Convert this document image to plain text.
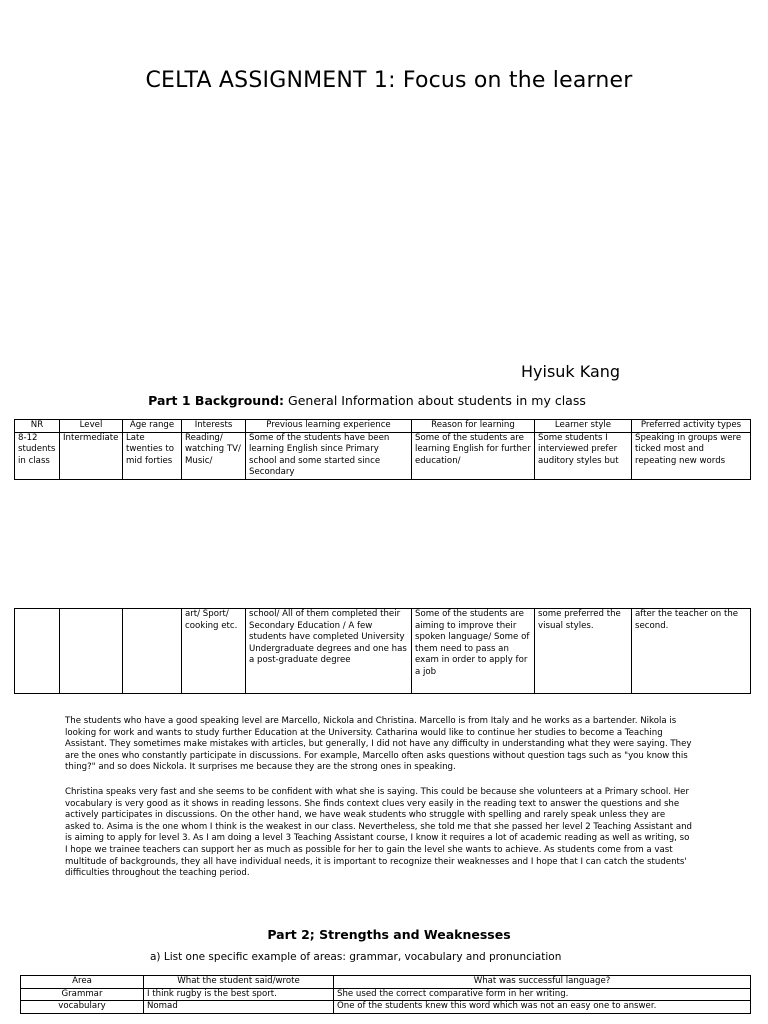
CELTA ASSIGNMENT 1: Focus on the learner
Hyisuk Kang
Part 1 Background: General Information about students in my class
NR	Level	Age range	Interests	Previous learning experience	Reason for learning	Learner style	Preferred activity types
8-12 students in class	Intermediate	Late twenties to mid forties	Reading/ watching TV/ Music/	Some of the students have been learning English since Primary school and some started since Secondary	Some of the students are learning English for further education/	Some students I interviewed prefer auditory styles but	Speaking in groups were ticked most and repeating new words
			art/ Sport/ cooking etc.	school/ All of them completed their Secondary Education / A few students have completed University Undergraduate degrees and one has a post-graduate degree	Some of the students are aiming to improve their spoken language/ Some of them need to pass an exam in order to apply for a job	some preferred the visual styles.	after the teacher on the second.

The students who have a good speaking level are Marcello, Nickola and Christina. Marcello is from Italy and he works as a bartender. Nikola is looking for work and wants to study further Education at the University. Catharina would like to continue her studies to become a Teaching Assistant. They sometimes make mistakes with articles, but generally, I did not have any difficulty in understanding what they were saying. They are the ones who constantly participate in discussions. For example, Marcello often asks questions without question tags such as "you know this thing?" and so does Nickola. It surprises me because they are the strong ones in speaking.

Christina speaks very fast and she seems to be confident with what she is saying. This could be because she volunteers at a Primary school. Her vocabulary is very good as it shows in reading lessons. She finds context clues very easily in the reading text to answer the questions and she actively participates in discussions. On the other hand, we have weak students who struggle with spelling and rarely speak unless they are asked to. Asima is the one whom I think is the weakest in our class. Nevertheless, she told me that she passed her level 2 Teaching Assistant and is aiming to apply for level 3. As I am doing a level 3 Teaching Assistant course, I know it requires a lot of academic reading as well as writing, so I hope we trainee teachers can support her as much as possible for her to gain the level she wants to achieve. As students come from a vast multitude of backgrounds, they all have individual needs, it is important to recognize their weaknesses and I hope that I can catch the students' difficulties throughout the teaching period.

Part 2; Strengths and Weaknesses
a) List one specific example of areas: grammar, vocabulary and pronunciation
Area	What the student said/wrote	What was successful language?
Grammar	I think rugby is the best sport.	She used the correct comparative form in her writing.
vocabulary	Nomad	One of the students knew this word which was not an easy one to answer.
